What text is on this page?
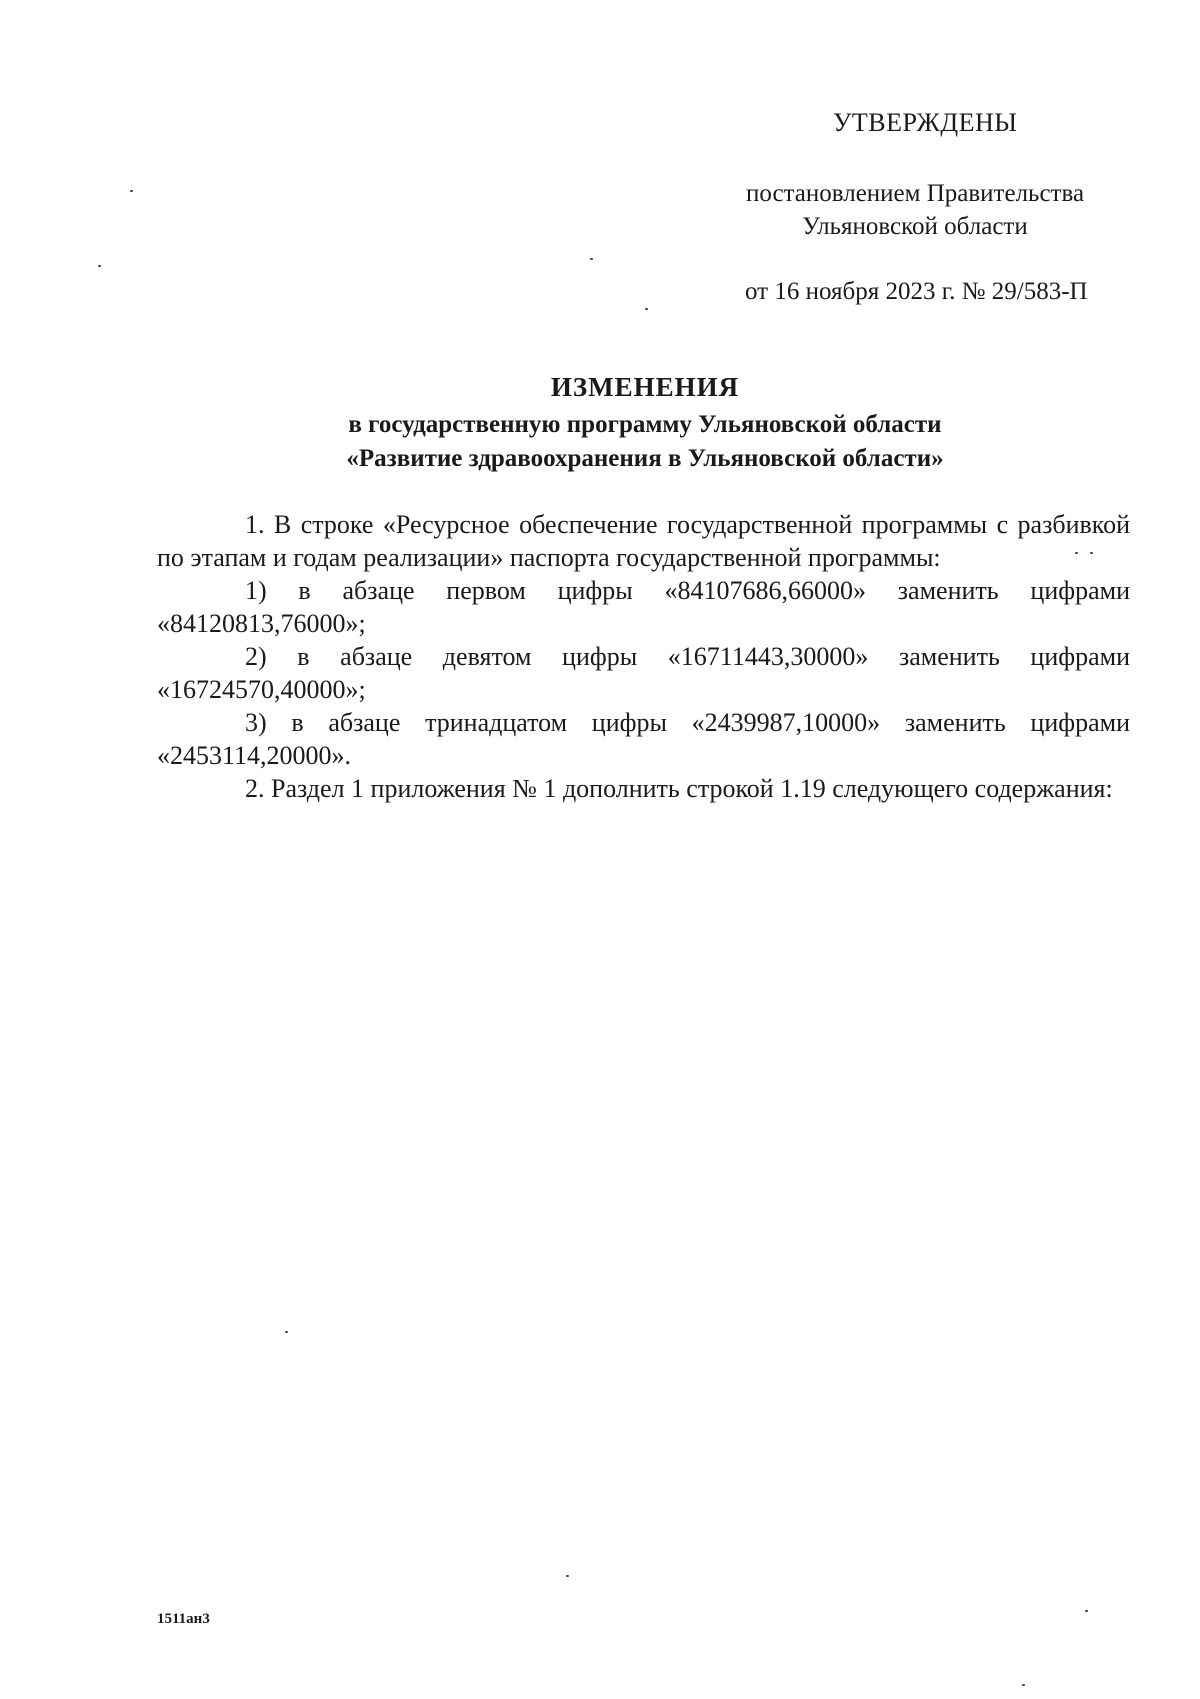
УТВЕРЖДЕНЫ
постановлением Правительства
Ульяновской области
от 16 ноября 2023 г. № 29/583-П
ИЗМЕНЕНИЯ
в государственную программу Ульяновской области
«Развитие здравоохранения в Ульяновской области»

1. В строке «Ресурсное обеспечение государственной программы с разбивкой по этапам и годам реализации» паспорта государственной программы:

1) в абзаце первом цифры «84107686,66000» заменить цифрами «84120813,76000»;

2) в абзаце девятом цифры «16711443,30000» заменить цифрами «16724570,40000»;

3) в абзаце тринадцатом цифры «2439987,10000» заменить цифрами «2453114,20000».

2. Раздел 1 приложения № 1 дополнить строкой 1.19 следующего содержания:

1511ан3
